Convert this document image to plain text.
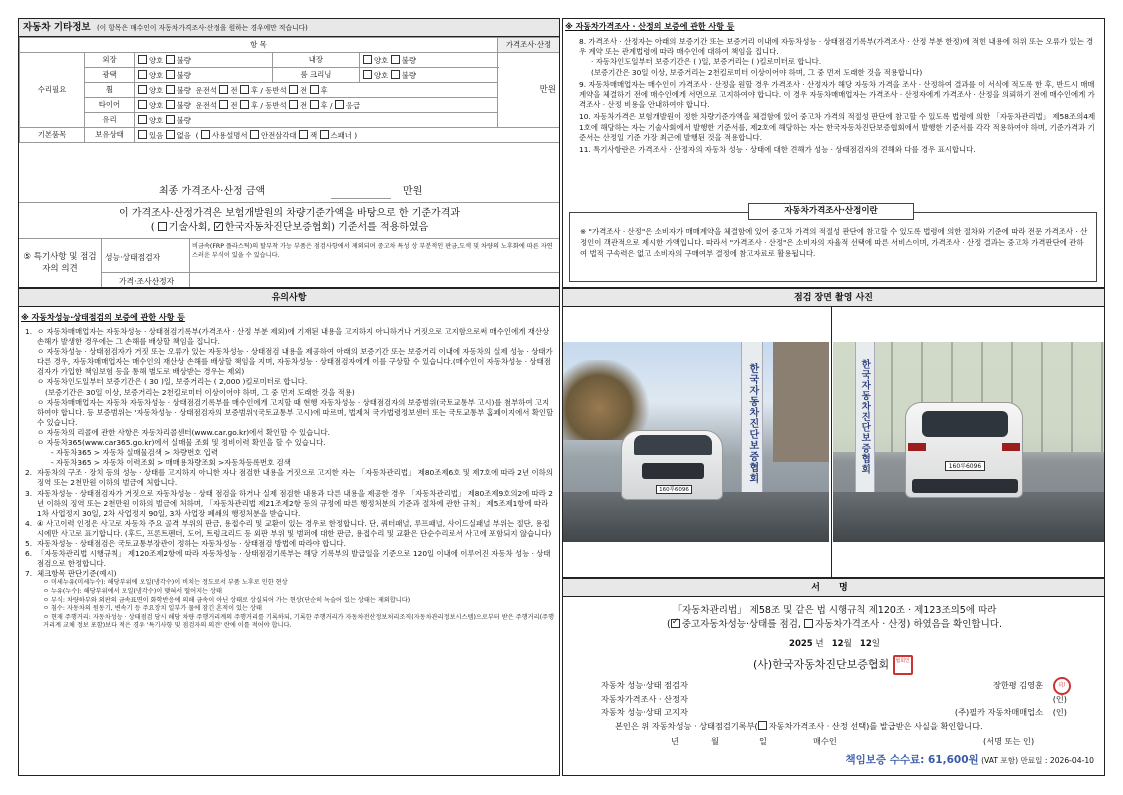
자동차 기타정보 (이 항목은 매수인이 자동차가격조사·산정을 원하는 경우에만 적습니다)
항 목					가격조사·산정
수리필요	외장	양호 불량	내장	양호 불량	만원
	광택	양호 불량	룸 크리닝	양호 불량	
	휠	양호 불량 운전석 전 후 / 동반석 전 후			
	타이어	양호 불량 운전석 전 후 / 동반석 전 후 / 응급			
	유리	양호 불량			
기본품목	보유상태	있음 없음 ( 사용설명서 안전삼각대 잭 스패너 )			
최종 가격조사·산정 금액	만원
이 가격조사·산정가격은 보험개발원의 차량기준가액을 바탕으로 한 기준가격과
( 기술사회, ✓ 한국자동차진단보증협회) 기준서를 적용하였음
⑤ 특기사항 및 점검자의 의견
성능·상태점검자
비금속(FRP 플라스틱)의 탈부착 가능 부품은 점검사항에서 제외되며 중고차 특성 상 부분적인 판금,도색 및 차량의 노후화에 따른 자연스러운 부식이 있을 수 있습니다.
가격·조사산정자
※ 자동차가격조사 · 산정의 보증에 관한 사항 등
8. 가격조사 · 산정자는 아래의 보증기간 또는 보증거리 이내에 자동차성능 · 상태점검기록부(가격조사 · 산정 부분 한정)에 적힌 내용에 허위 또는 오류가 있는 경우 계약 또는 관계법령에 따라 매수인에 대하여 책임을 집니다.
· 자동차인도일부터 보증기간은 ( )일, 보증거리는 ( )킬로미터로 합니다.
(보증기간은 30일 이상, 보증거리는 2천킬로미터 이상이어야 하며, 그 중 먼저 도래한 것을 적용합니다)
9. 자동차매매업자는 매수인이 가격조사 · 산정을 원할 경우 가격조사 · 산정자가 해당 자동차 가격을 조사 · 산정하여 결과를 이 서식에 적도록 한 후, 반드시 매매계약을 체결하기 전에 매수인에게 서면으로 고지하여야 합니다. 이 경우 자동차매매업자는 가격조사 · 산정자에게 가격조사 · 산정을 의뢰하기 전에 매수인에게 가격조사 · 산정 비용을 안내하여야 합니다.
10. 자동차가격은 보험개발원이 정한 차량기준가액을 체결함에 있어 중고차 가격의 적절성 판단에 참고할 수 있도록 법령에 의한 「자동차관리법」 제58조의4제1호에 해당하는 자는 기술사회에서 발행한 기준서를, 제2호에 해당하는 자는 한국자동차진단보증협회에서 발행한 기준서를 각각 적용하여야 하며, 기준가격과 기준서는 산정일 기준 가장 최근에 발행된 것을 적용합니다.
11. 특기사항란은 가격조사 · 산정자의 자동차 성능 · 상태에 대한 견해가 성능 · 상태점검자의 견해와 다를 경우 표시합니다.
※ "가격조사 · 산정"은 소비자가 매매계약을 체결함에 있어 중고차 가격의 적절성 판단에 참고할 수 있도록 법령에 의한 절차와 기준에 따라 전문 가격조사 · 산정인이 객관적으로 제시한 가액입니다. 따라서 "가격조사 · 산정"은 소비자의 자율적 선택에 따른 서비스이며, 가격조사 · 산정 결과는 중고차 가격판단에 관하여 법적 구속력은 없고 소비자의 구매여부 결정에 참고자료로 활용됩니다.
자동차가격조사·산정이란
유의사항
※ 자동차성능·상태점검의 보증에 관한 사항 등
1. ㅇ 자동차매매업자는 자동차성능 · 상태점검기록부(가격조사 · 산정 부분 제외)에 기재된 내용을 고지하지 아니하거나 거짓으로 고지함으로써 매수인에게 재산상 손해가 발생한 경우에는 그 손해를 배상할 책임을 집니다.
ㅇ 자동차성능 · 상태점검자가 거짓 또는 오류가 있는 자동차성능 · 상태점검 내용을 제공하여 아래의 보증기간 또는 보증거리 이내에 자동차의 실제 성능 · 상태가 다른 경우, 자동차매매업자는 매수인의 재산상 손해를 배상할 책임을 지며, 자동차성능 · 상태점검자에게 이를 구상할 수 있습니다.(매수인이 자동차성능 · 상태점검자가 가입한 책임보험 등을 통해 별도로 배상받는 경우는 제외)
ㅇ 자동차인도일부터 보증기간은 ( 30 )일, 보증거리는 ( 2,000 )킬로미터로 합니다.
(보증기간은 30일 이상, 보증거리는 2천킬로미터 이상이어야 하며, 그 중 먼저 도래한 것을 적용)
ㅇ 자동차매매업자는 자동차 자동차성능 · 상태점검기록부를 매수인에게 고지할 때 현행 자동차성능 · 상태점검자의 보증범위(국토교통부 고시)를 첨부하여 고지하여야 합니다. 등 보증범위는 '자동차성능 · 상태점검자의 보증범위'(국토교통부 고시)에 따르며, 법제처 국가법령정보센터 또는 국토교통부 홈페이지에서 확인할 수 있습니다.
ㅇ 자동차의 리콜에 관한 사항은 자동차리콜센터(www.car.go.kr)에서 확인할 수 있습니다.
ㅇ 자동차365(www.car365.go.kr)에서 실매물 조회 및 정비이력 확인을 할 수 있습니다.
- 자동차365 > 자동차 실매물검색 > 차량번호 입력
- 자동차365 > 자동차 이력조회 > 매매용차량조회 >자동차등록번호 검색
2. 자동차의 구조 · 장치 등의 성능 · 상태를 고지하지 아니한 자나 점검한 내용을 거짓으로 고지한 자는 「자동차관리법」 제80조제6호 및 제7호에 따라 2년 이하의 징역 또는 2천만원 이하의 벌금에 처합니다.
3. 자동차성능 · 상태점검자가 거짓으로 자동차성능 · 상태 점검을 하거나 실제 점검한 내용과 다른 내용을 제공한 경우 「자동차관리법」 제80조제9호의2에 따라 2년 이하의 징역 또는 2천만원 이하의 벌금에 처하며, 「자동차관리법 제21조제2항 등의 규정에 따른 행정처분의 기준과 절차에 관한 규칙」 제5조제1항에 따라 1차 사업정지 30일, 2차 사업정지 90일, 3차 사업장 폐쇄의 행정처분을 받습니다.
4. ④ 사고이력 인정은 사고로 자동차 주요 골격 부위의 판금, 용접수리 및 교환이 있는 경우로 한정합니다. 단, 쿼터패널, 루프패널, 사이드실패널 부위는 절단, 용접 시에만 사고로 표기합니다. (후드, 프론트펜더, 도어, 트렁크리드 등 외판 부위 및 범퍼에 대한 판금, 용접수리 및 교환은 단순수리로서 사고에 포함되지 않습니다)
5. 자동차성능 · 상태점검은 국토교통부장관이 정하는 자동차성능 · 상태점검 방법에 따라야 합니다.
6. 「자동차관리법 시행규칙」 제120조제2항에 따라 자동차성능 · 상태점검기록부는 해당 기록부의 발급일을 기준으로 120일 이내에 이루어진 자동차 성능 · 상태점검으로 한정합니다.
7. 체크항목 판단기준(예시)
ㅇ 미세누유(미세누수): 해당부위에 오일(냉각수)이 비치는 정도로서 부품 노후로 인한 현상
ㅇ 누유(누수): 해당부위에서 오일(냉각수)이 맺혀서 떨어지는 상태
ㅇ 부식: 차량하부와 외판의 금속표면이 화학반응에 의해 금속이 아닌 상태로 상실되어 가는 현상(단순히 녹슬어 있는 상태는 제외합니다)
ㅇ 침수: 자동차의 원동기, 변속기 등 주요장치 일부가 물에 잠긴 흔적이 있는 상태
ㅇ 현재 주행거리: 자동차성능 · 상태점검 당시 해당 차량 주행거리계의 주행거리를 기록하되, 기록한 주행거리가 자동차전산정보처리조직(자동차관리정보시스템)으로부터 받은 주행거리(주행거리계 교체 정보 포함)보다 적은 경우 '특기사항 및 점검자의 의견' 란에 이를 적어야 합니다.
점검 장면 촬영 사진
한국자동차진단보증협회
160루6096
한국자동차진단보증협회	160루6096
서 명
「자동차관리법」 제58조 및 같은 법 시행규칙 제120조 · 제123조의5에 따라
( ✓ 중고자동차성능·상태를 점검, 자동차가격조사 · 산정) 하였음을 확인합니다.
2025 년 12월 12일
(사)한국자동차진단보증협회 협회인
자동차 성능·상태 점검자	장한평 김영훈	印
자동차가격조사 · 산정자	(인)
자동차 성능·상태 고지자	(주)필카 자동차매매업소 (인)
본인은 위 자동차성능 · 상태점검기록부( 자동차가격조사 · 산정 선택)를 발급받은 사실을 확인합니다.
년	월	일	매수인	(서명 또는 인)
책임보증 수수료: 61,600원 (VAT 포함) 만료일 : 2026-04-10
